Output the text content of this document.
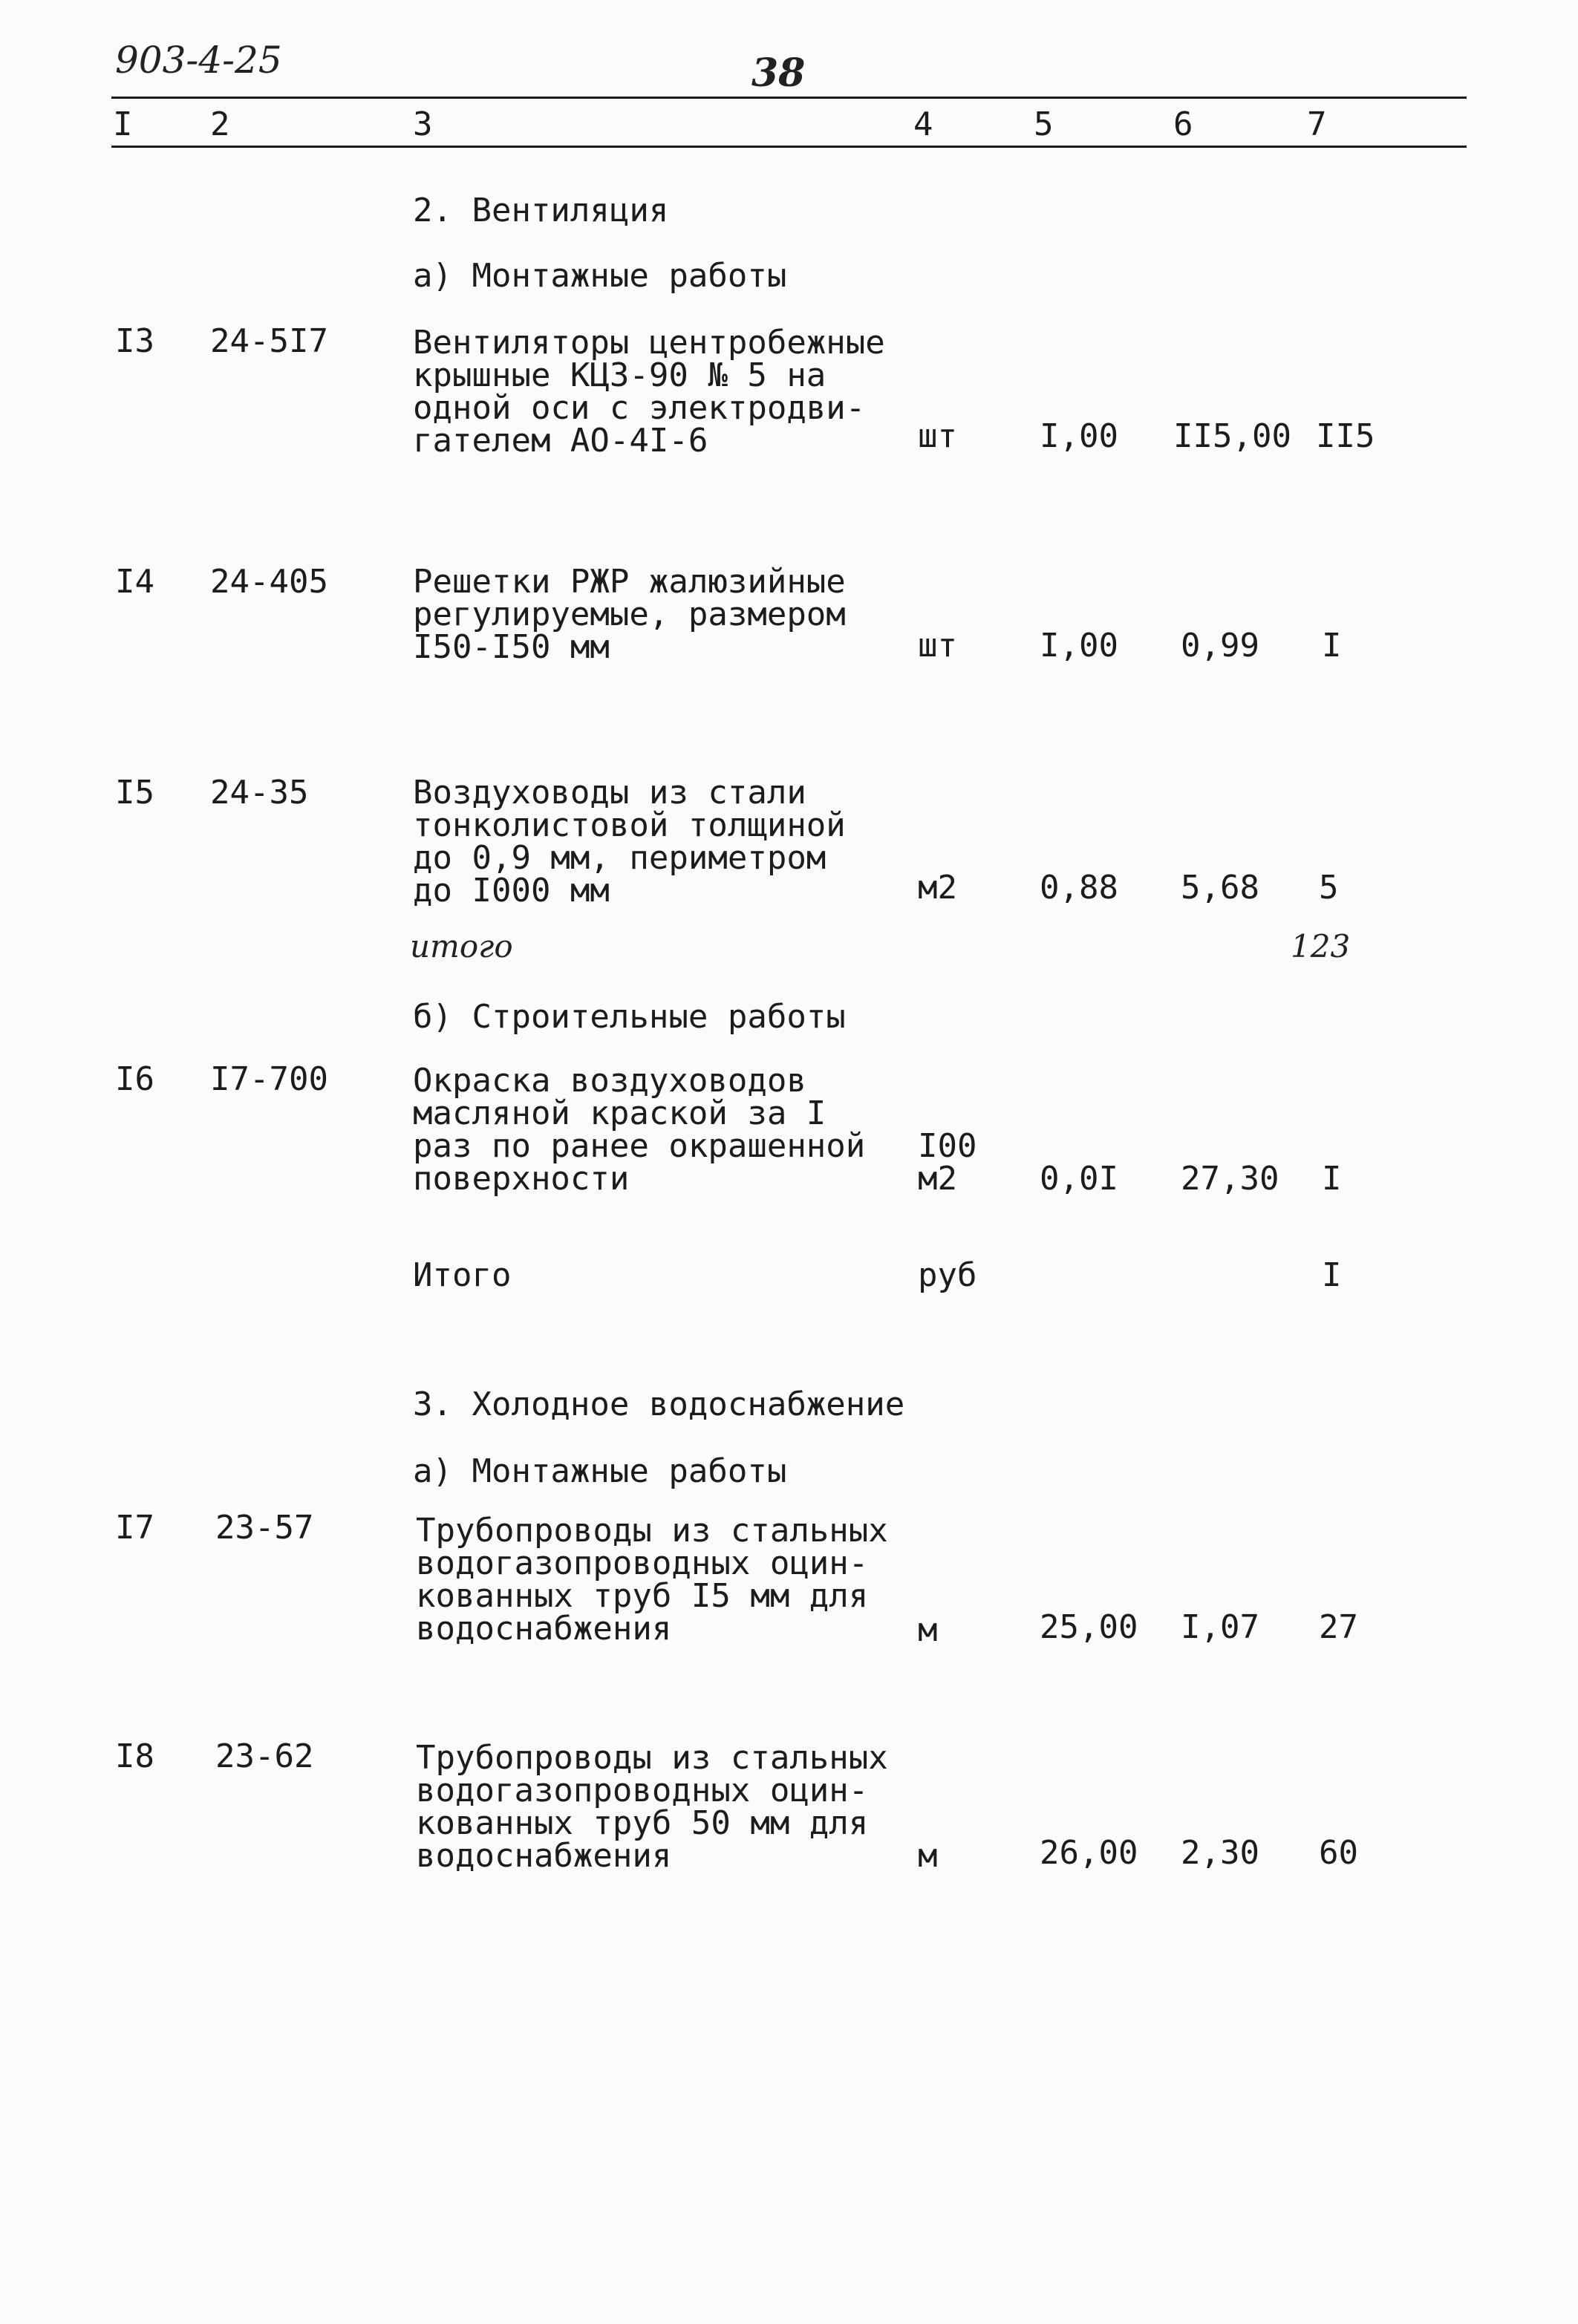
903-4-25	38
I 2	3	4	5	6	7
2. Вентиляция
а) Монтажные работы
I3 24-5I7	Вентиляторы центробежные
крышные КЦЗ-90 № 5 на
одной оси с электродви-
гателем АО-4I-6	шт	I,00 II5,00 II5
I4 24-405	Решетки РЖР жалюзийные
регулируемые, размером
I50-I50 мм	шт	I,00 0,99 I
I5 24-35	Воздуховоды из стали
тонколистовой толщиной
до 0,9 мм, периметром
до I000 мм	м2	0,88 5,68 5
итого	123
б) Строительные работы
I6 I7-700	Окраска воздуховодов
масляной краской за I
раз по ранее окрашенной
поверхности
I00
м2	0,0I 27,30 I
Итого	руб	I
3. Холодное водоснабжение
а) Монтажные работы
I7 23-57	Трубопроводы из стальных
водогазопроводных оцин-
кованных труб I5 мм для
водоснабжения	м	25,00 I,07 27
I8 23-62	Трубопроводы из стальных
водогазопроводных оцин-
кованных труб 50 мм для
водоснабжения	м	26,00 2,30 60
